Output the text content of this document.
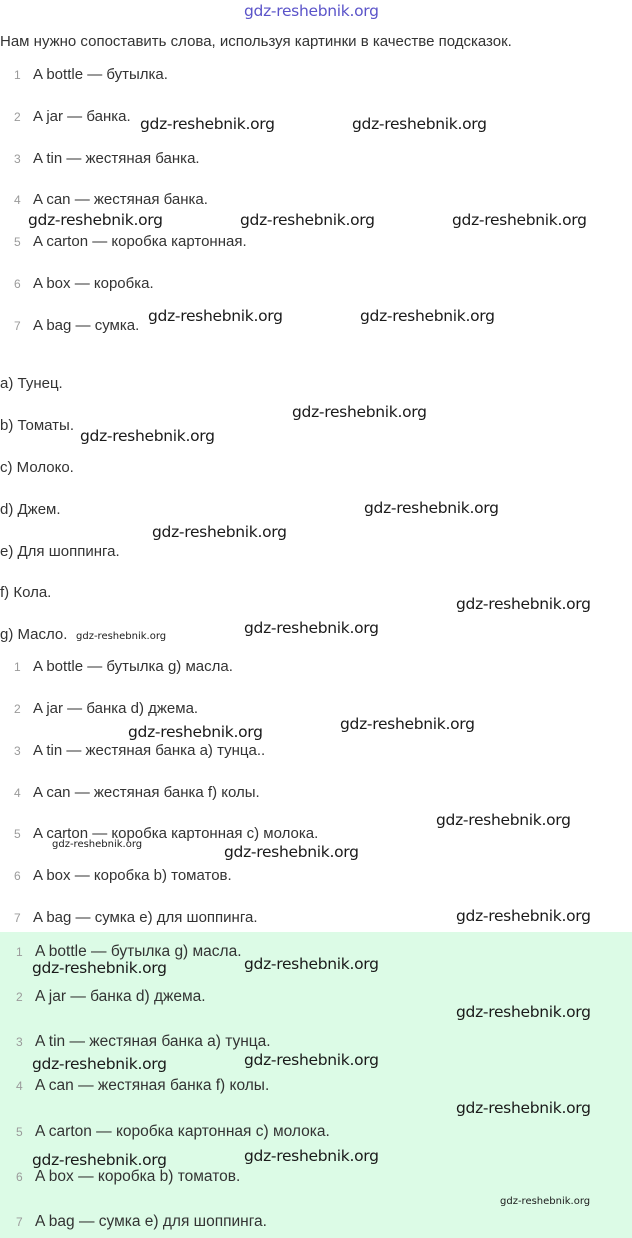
gdz-reshebnik.org
Нам нужно сопоставить слова, используя картинки в качестве подсказок.
1 A bottle — бутылка.
2 A jar — банка.
3 A tin — жестяная банка.
4 A can — жестяная банка.
5 A carton — коробка картонная.
6 A box — коробка.
7 A bag — сумка.
a) Тунец.
b) Томаты.
c) Молоко.
d) Джем.
e) Для шоппинга.
f) Кола.
g) Масло.
1 A bottle — бутылка g) масла.
2 A jar — банка d) джема.
3 A tin — жестяная банка a) тунца..
4 A can — жестяная банка f) колы.
5 A carton — коробка картонная c) молока.
6 A box — коробка b) томатов.
7 A bag — сумка e) для шоппинга.
1 A bottle — бутылка g) масла.
2 A jar — банка d) джема.
3 A tin — жестяная банка a) тунца.
4 A can — жестяная банка f) колы.
5 A carton — коробка картонная c) молока.
6 A box — коробка b) томатов.
7 A bag — сумка e) для шоппинга.
gdz-reshebnik.org	gdz-reshebnik.org
gdz-reshebnik.org	gdz-reshebnik.org	gdz-reshebnik.org
gdz-reshebnik.org	gdz-reshebnik.org
gdz-reshebnik.org
gdz-reshebnik.org
gdz-reshebnik.org
gdz-reshebnik.org
gdz-reshebnik.org
gdz-reshebnik.org
gdz-reshebnik.org
gdz-reshebnik.org
gdz-reshebnik.org
gdz-reshebnik.org
gdz-reshebnik.org	gdz-reshebnik.org
gdz-reshebnik.org
gdz-reshebnik.org	gdz-reshebnik.org
gdz-reshebnik.org
gdz-reshebnik.org	gdz-reshebnik.org
gdz-reshebnik.org
gdz-reshebnik.org	gdz-reshebnik.org
gdz-reshebnik.org
